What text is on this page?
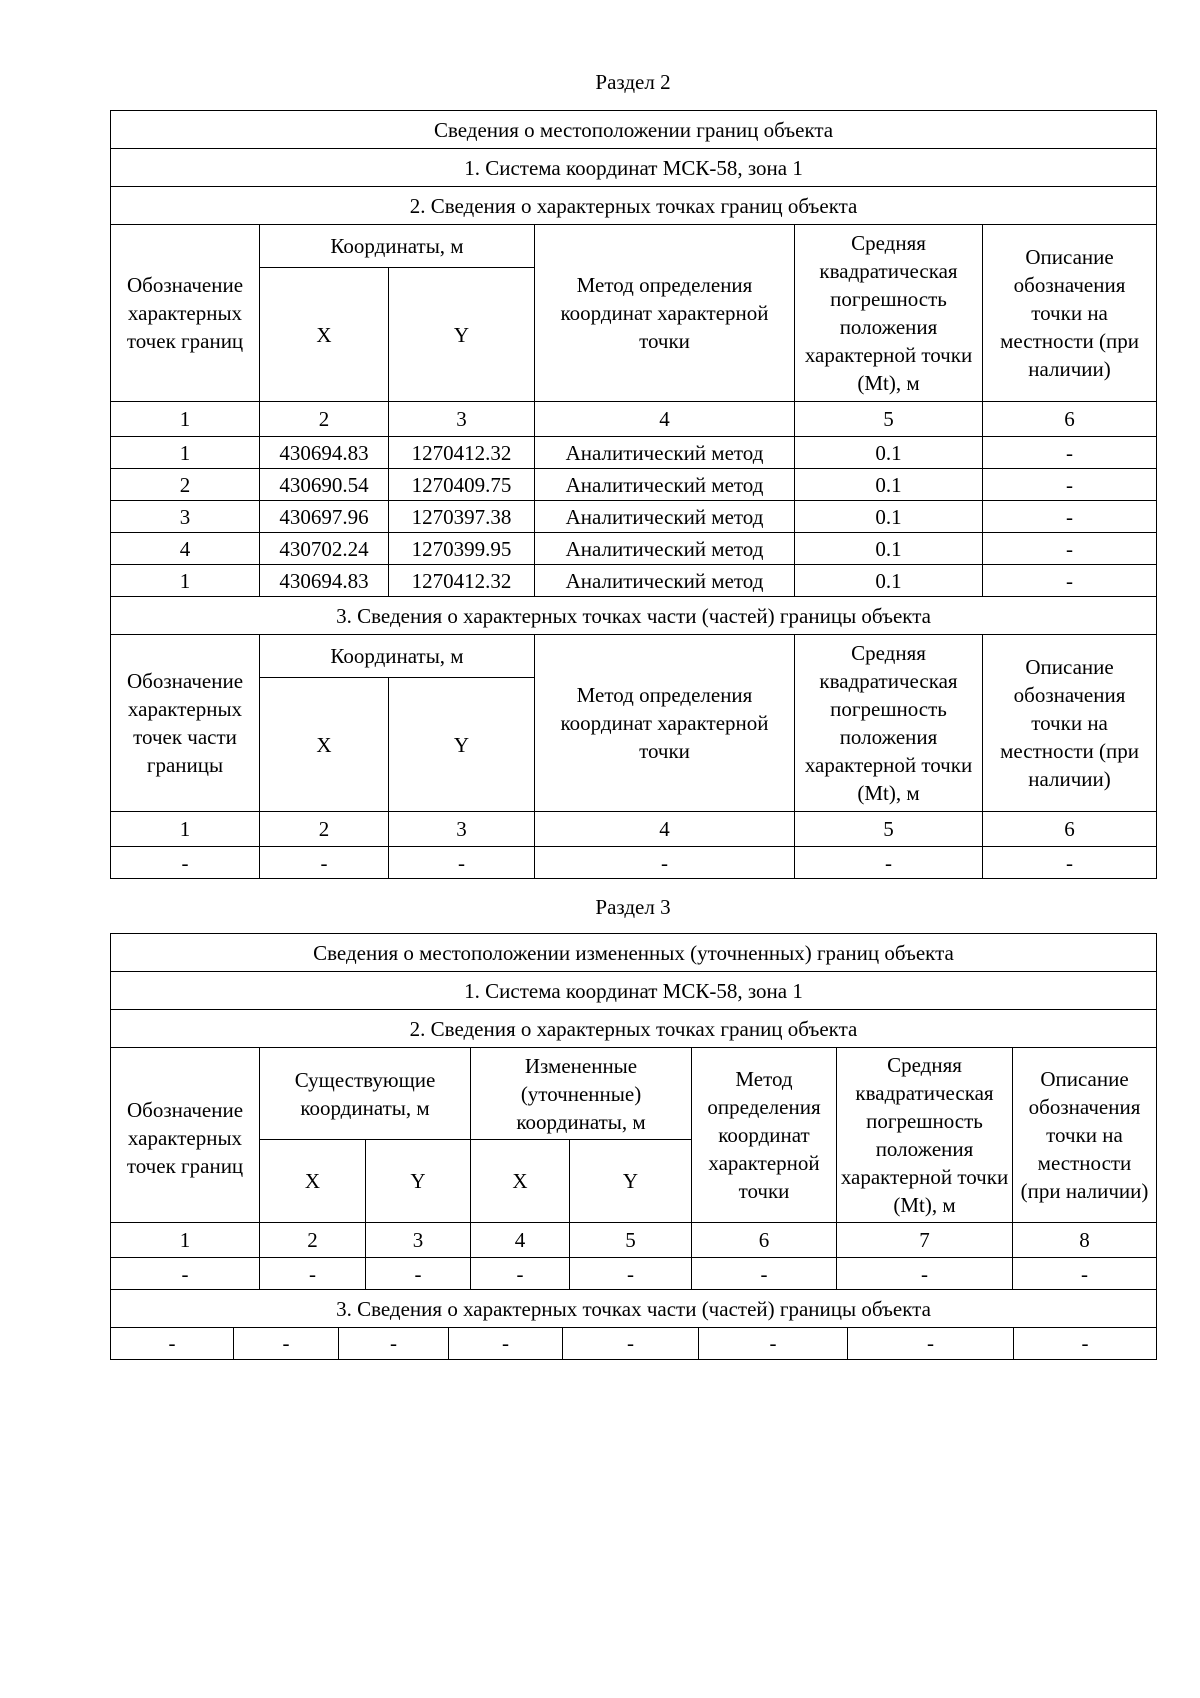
Раздел 2
Сведения о местоположении границ объекта					
1. Система координат МСК-58, зона 1					
2. Сведения о характерных точках границ объекта					
Обозначение характерных точек границ	Координаты, м		Метод определения координат характерной точки	Средняя квадратическая погрешность положения характерной точки (Mt), м	Описание обозначения точки на местности (при наличии)
	X	Y			
1	2	3	4	5	6
1	430694.83	1270412.32	Аналитический метод	0.1	-
2	430690.54	1270409.75	Аналитический метод	0.1	-
3	430697.96	1270397.38	Аналитический метод	0.1	-
4	430702.24	1270399.95	Аналитический метод	0.1	-
1	430694.83	1270412.32	Аналитический метод	0.1	-
3. Сведения о характерных точках части (частей) границы объекта					
Обозначение характерных точек части границы	Координаты, м		Метод определения координат характерной точки	Средняя квадратическая погрешность положения характерной точки (Mt), м	Описание обозначения точки на местности (при наличии)
	X	Y			
1	2	3	4	5	6
-	-	-	-	-	-
Раздел 3
Сведения о местоположении измененных (уточненных) границ объекта							
1. Система координат МСК-58, зона 1							
2. Сведения о характерных точках границ объекта							
Обозначение характерных точек границ	Существующие координаты, м		Измененные (уточненные) координаты, м		Метод определения координат характерной точки	Средняя квадратическая погрешность положения характерной точки (Mt), м	Описание обозначения точки на местности (при наличии)
	X	Y	X	Y			
1	2	3	4	5	6	7	8
-	-	-	-	-	-	-	-
3. Сведения о характерных точках части (частей) границы объекта							
-	-	-	-	-	-	-	-
